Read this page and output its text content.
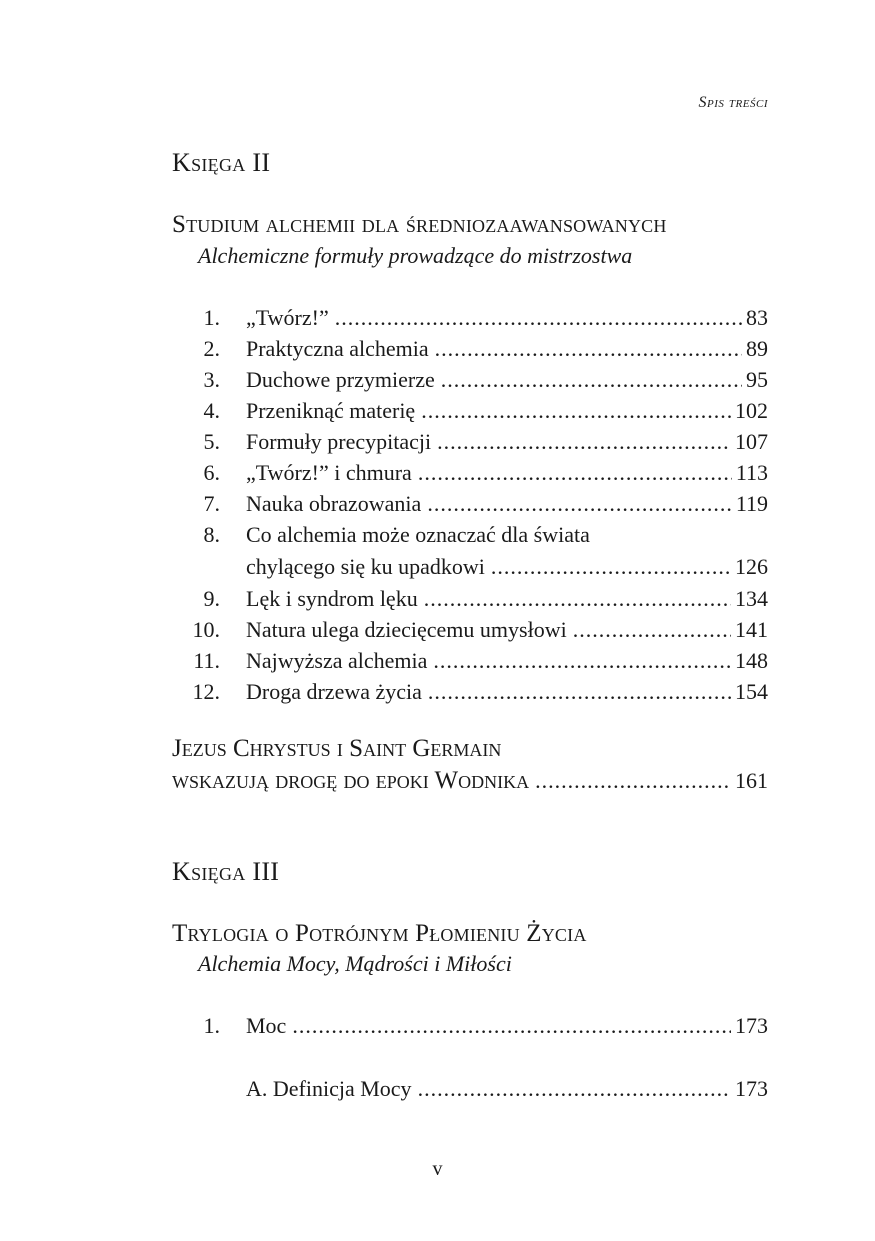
Spis treści
Księga II
Studium alchemii dla średniozaawansowanych
Alchemiczne formuły prowadzące do mistrzostwa
1. „Twórz!” .....	83
2. Praktyczna alchemia .....	89
3. Duchowe przymierze .....	95
4. Przeniknąć materię .....	102
5. Formuły precypitacji .....	107
6. „Twórz!” i chmura .....	113
7. Nauka obrazowania .....	119
8. Co alchemia może oznaczać dla świata
chylącego się ku upadkowi .....	126
9. Lęk i syndrom lęku .....	134
10. Natura ulega dziecięcemu umysłowi .....	141
11. Najwyższa alchemia .....	148
12. Droga drzewa życia .....	154
Jezus Chrystus i Saint Germain
wskazują drogę do epoki Wodnika .....	161
Księga III
Trylogia o Potrójnym Płomieniu Życia
Alchemia Mocy, Mądrości i Miłości
1. Moc .....	173
A. Definicja Mocy .....	173
v
